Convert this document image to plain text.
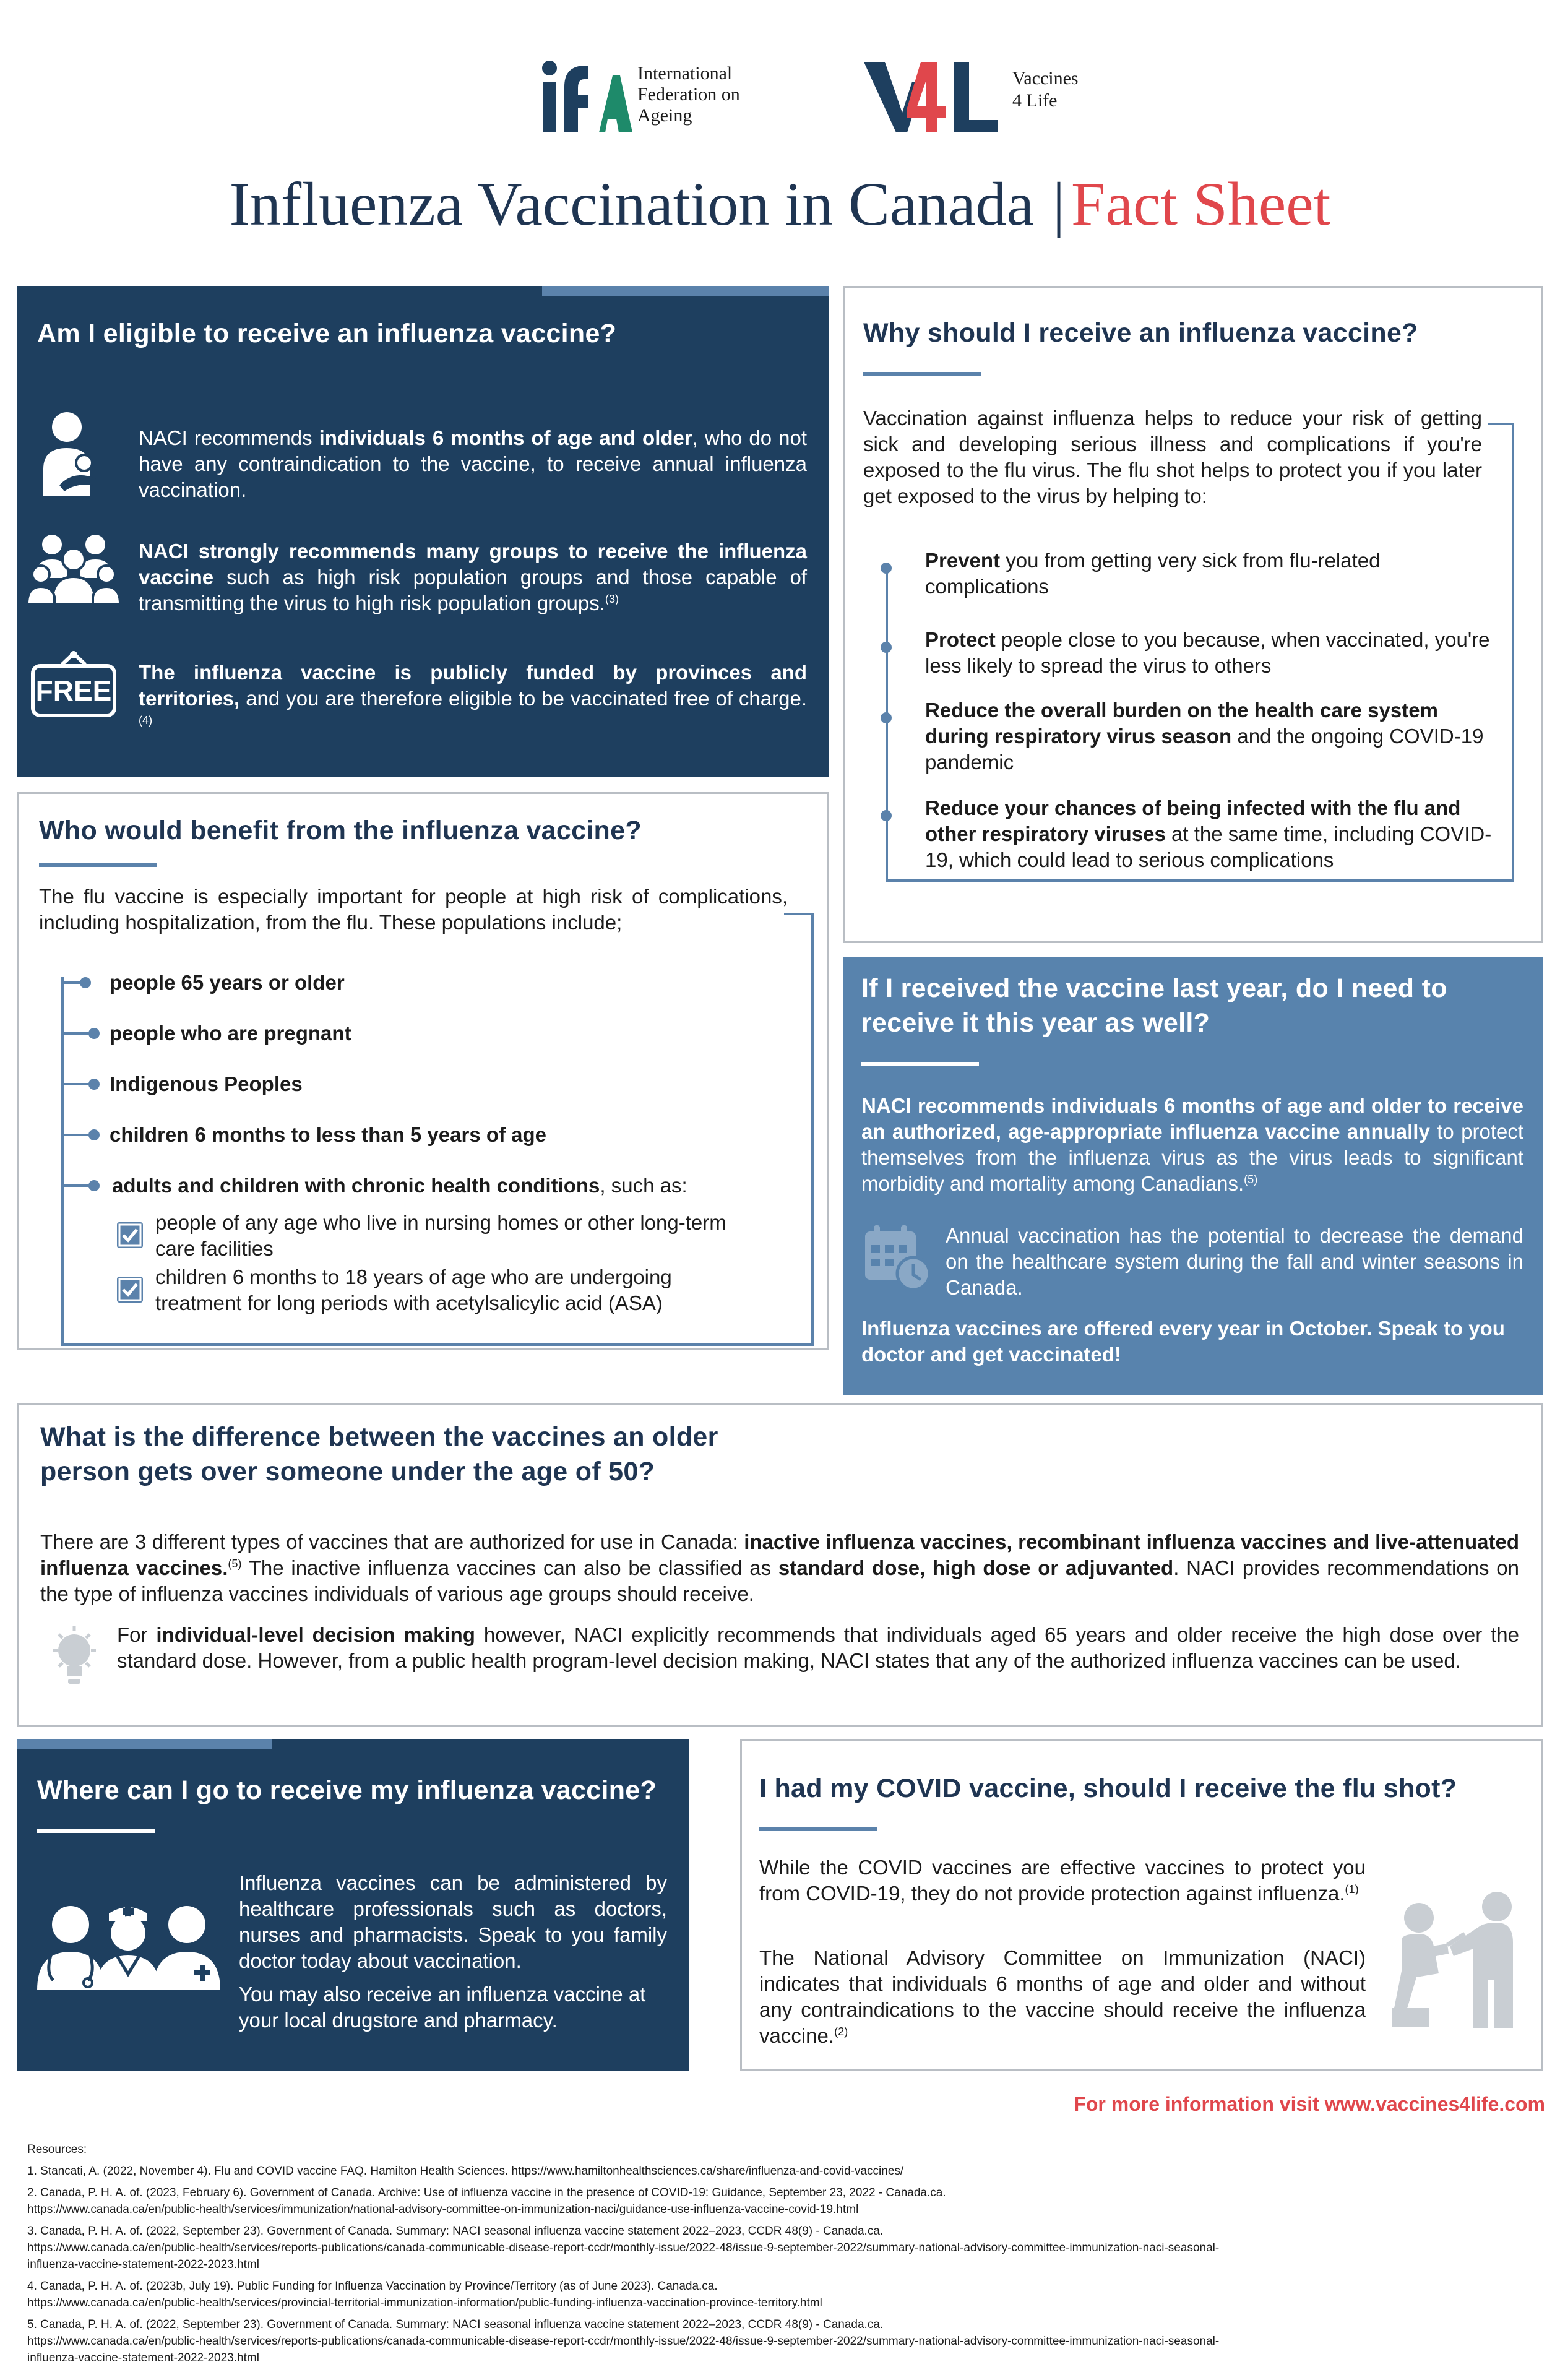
International
Federation on
Ageing
Vaccines
4 Life
Influenza Vaccination in Canada | Fact Sheet
Am I eligible to receive an influenza vaccine?
NACI recommends individuals 6 months of age and older, who do not have any contraindication to the vaccine, to receive annual influenza vaccination.
NACI strongly recommends many groups to receive the influenza vaccine such as high risk population groups and those capable of transmitting the virus to high risk population groups.$^{(3)}$
FREE
The influenza vaccine is publicly funded by provinces and territories, and you are therefore eligible to be vaccinated free of charge.$^{(4)}$
Why should I receive an influenza vaccine?
Vaccination against influenza helps to reduce your risk of getting sick and developing serious illness and complications if you're exposed to the flu virus. The flu shot helps to protect you if you later get exposed to the virus by helping to:
Prevent you from getting very sick from flu-related complications
Protect people close to you because, when vaccinated, you're less likely to spread the virus to others
Reduce the overall burden on the health care system during respiratory virus season and the ongoing COVID-19 pandemic
Reduce your chances of being infected with the flu and other respiratory viruses at the same time, including COVID-19, which could lead to serious complications
Who would benefit from the influenza vaccine?
The flu vaccine is especially important for people at high risk of complications, including hospitalization, from the flu. These populations include;
people 65 years or older
people who are pregnant
Indigenous Peoples
children 6 months to less than 5 years of age
adults and children with chronic health conditions, such as:
people of any age who live in nursing homes or other long-term care facilities
children 6 months to 18 years of age who are undergoing treatment for long periods with acetylsalicylic acid (ASA)
If I received the vaccine last year, do I need to
receive it this year as well?
NACI recommends individuals 6 months of age and older to receive an authorized, age-appropriate influenza vaccine annually to protect themselves from the influenza virus as the virus leads to significant morbidity and mortality among Canadians.$^{(5)}$
Annual vaccination has the potential to decrease the demand on the healthcare system during the fall and winter seasons in Canada.
Influenza vaccines are offered every year in October. Speak to you doctor and get vaccinated!
What is the difference between the vaccines an older
person gets over someone under the age of 50?
There are 3 different types of vaccines that are authorized for use in Canada: inactive influenza vaccines, recombinant influenza vaccines and live-attenuated influenza vaccines.$^{(5)}$ The inactive influenza vaccines can also be classified as standard dose, high dose or adjuvanted. NACI provides recommendations on the type of influenza vaccines individuals of various age groups should receive.
For individual-level decision making however, NACI explicitly recommends that individuals aged 65 years and older receive the high dose over the standard dose. However, from a public health program-level decision making, NACI states that any of the authorized influenza vaccines can be used.
Where can I go to receive my influenza vaccine?
Influenza vaccines can be administered by healthcare professionals such as doctors, nurses and pharmacists. Speak to you family doctor today about vaccination.
You may also receive an influenza vaccine at your local drugstore and pharmacy.
I had my COVID vaccine, should I receive the flu shot?
While the COVID vaccines are effective vaccines to protect you from COVID-19, they do not provide protection against influenza.$^{(1)}$
The National Advisory Committee on Immunization (NACI) indicates that individuals 6 months of age and older and without any contraindications to the vaccine should receive the influenza vaccine.$^{(2)}$
For more information visit www.vaccines4life.com
Resources:
1. Stancati, A. (2022, November 4). Flu and COVID vaccine FAQ. Hamilton Health Sciences. https://www.hamiltonhealthsciences.ca/share/influenza-and-covid-vaccines/
2. Canada, P. H. A. of. (2023, February 6). Government of Canada. Archive: Use of influenza vaccine in the presence of COVID-19: Guidance, September 23, 2022 - Canada.ca.
https://www.canada.ca/en/public-health/services/immunization/national-advisory-committee-on-immunization-naci/guidance-use-influenza-vaccine-covid-19.html
3. Canada, P. H. A. of. (2022, September 23). Government of Canada. Summary: NACI seasonal influenza vaccine statement 2022–2023, CCDR 48(9) - Canada.ca.
https://www.canada.ca/en/public-health/services/reports-publications/canada-communicable-disease-report-ccdr/monthly-issue/2022-48/issue-9-september-2022/summary-national-advisory-committee-immunization-naci-seasonal-
influenza-vaccine-statement-2022-2023.html
4. Canada, P. H. A. of. (2023b, July 19). Public Funding for Influenza Vaccination by Province/Territory (as of June 2023). Canada.ca.
https://www.canada.ca/en/public-health/services/provincial-territorial-immunization-information/public-funding-influenza-vaccination-province-territory.html
5. Canada, P. H. A. of. (2022, September 23). Government of Canada. Summary: NACI seasonal influenza vaccine statement 2022–2023, CCDR 48(9) - Canada.ca.
https://www.canada.ca/en/public-health/services/reports-publications/canada-communicable-disease-report-ccdr/monthly-issue/2022-48/issue-9-september-2022/summary-national-advisory-committee-immunization-naci-seasonal-
influenza-vaccine-statement-2022-2023.html
